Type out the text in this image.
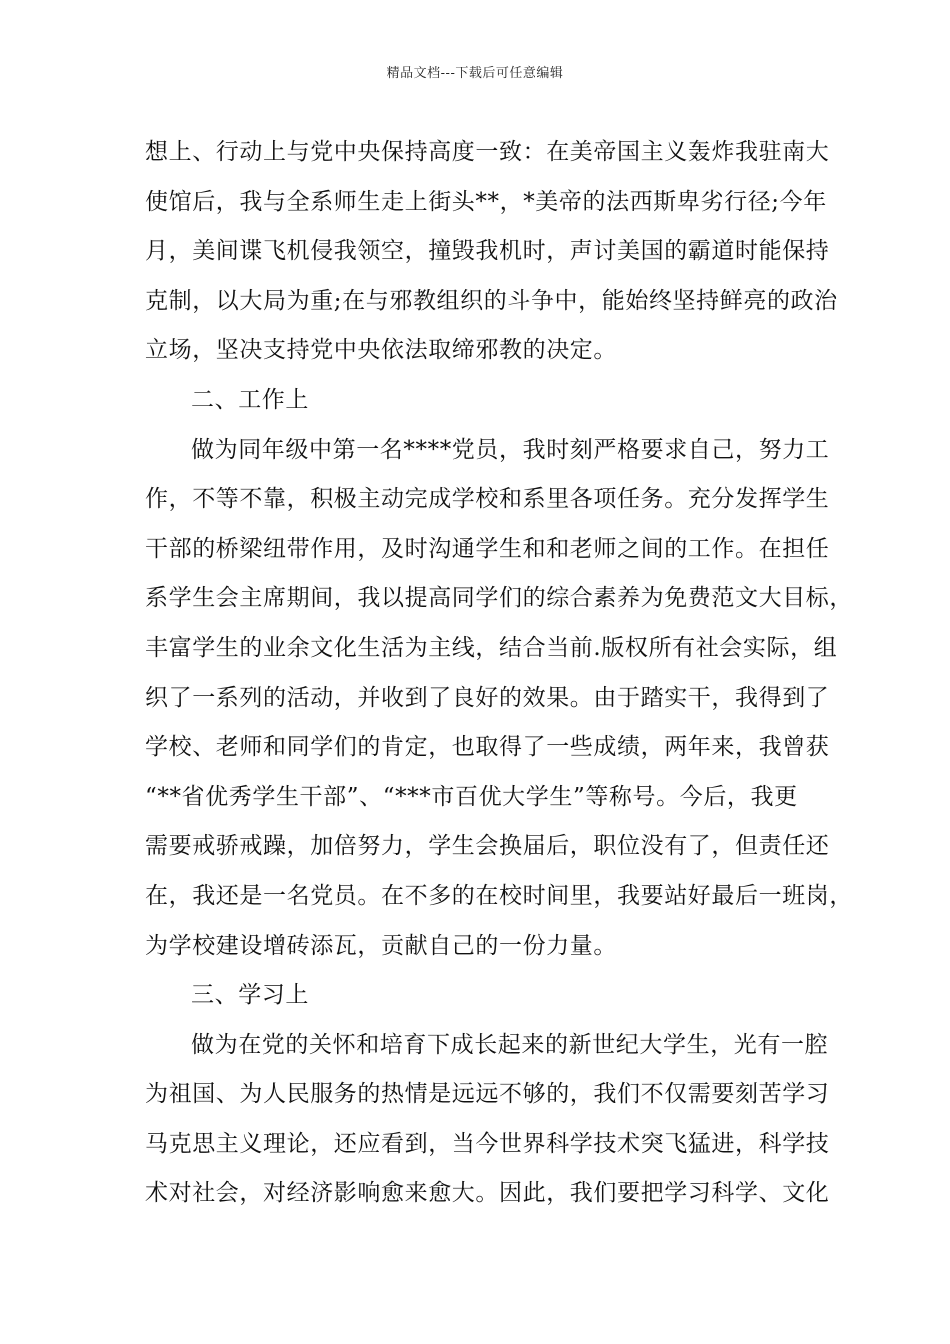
精品文档---下载后可任意编辑
想上、行动上与党中央保持高度一致：在美帝国主义轰炸我驻南大
使馆后，我与全系师生走上街头**，*美帝的法西斯卑劣行径;今年
月，美间谍飞机侵我领空，撞毁我机时，声讨美国的霸道时能保持
克制，以大局为重;在与邪教组织的斗争中，能始终坚持鲜亮的政治
立场，坚决支持党中央依法取缔邪教的决定。
二、工作上
做为同年级中第一名****党员，我时刻严格要求自己，努力工
作，不等不靠，积极主动完成学校和系里各项任务。充分发挥学生
干部的桥梁纽带作用，及时沟通学生和和老师之间的工作。在担任
系学生会主席期间，我以提高同学们的综合素养为免费范文大目标，
丰富学生的业余文化生活为主线，结合当前.版权所有社会实际，组
织了一系列的活动，并收到了良好的效果。由于踏实干，我得到了
学校、老师和同学们的肯定，也取得了一些成绩，两年来，我曾获
“**省优秀学生干部”、“***市百优大学生”等称号。今后，我更
需要戒骄戒躁，加倍努力，学生会换届后，职位没有了，但责任还
在，我还是一名党员。在不多的在校时间里，我要站好最后一班岗，
为学校建设增砖添瓦，贡献自己的一份力量。
三、学习上
做为在党的关怀和培育下成长起来的新世纪大学生，光有一腔
为祖国、为人民服务的热情是远远不够的，我们不仅需要刻苦学习
马克思主义理论，还应看到，当今世界科学技术突飞猛进，科学技
术对社会，对经济影响愈来愈大。因此，我们要把学习科学、文化
